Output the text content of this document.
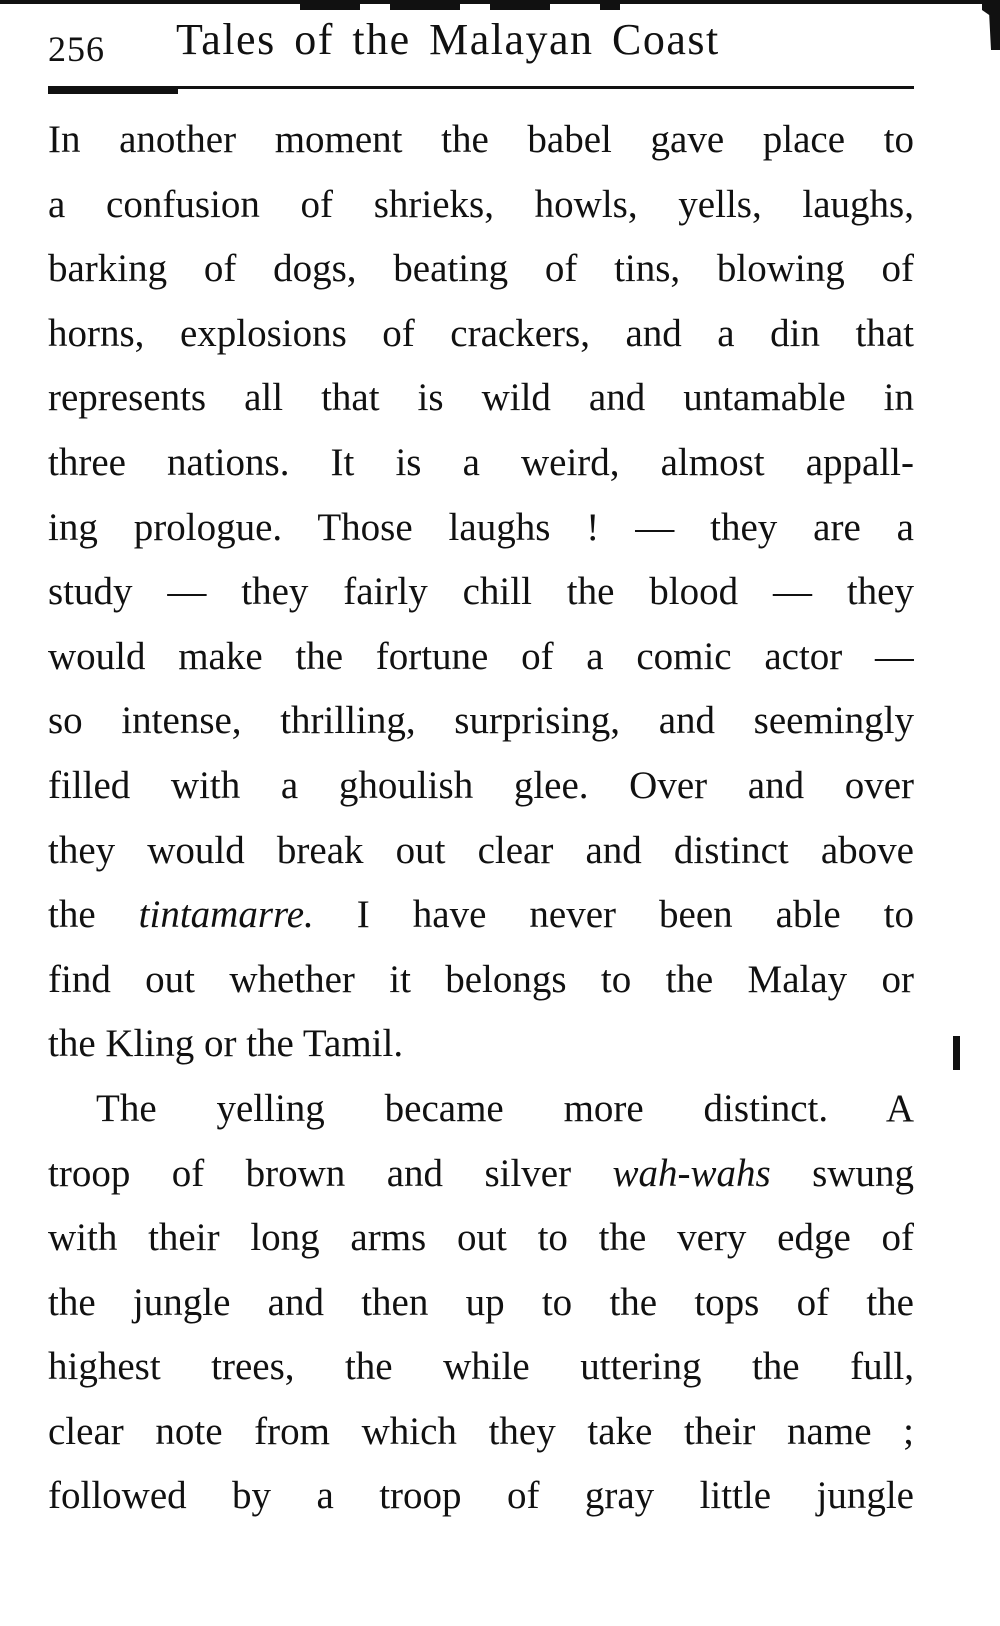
256 Tales of the Malayan Coast
In another moment the babel gave place to
a confusion of shrieks, howls, yells, laughs,
barking of dogs, beating of tins, blowing of
horns, explosions of crackers, and a din that
represents all that is wild and untamable in
three nations. It is a weird, almost appall-
ing prologue. Those laughs ! — they are a
study — they fairly chill the blood — they
would make the fortune of a comic actor —
so intense, thrilling, surprising, and seemingly
filled with a ghoulish glee. Over and over
they would break out clear and distinct above
the tintamarre. I have never been able to
find out whether it belongs to the Malay or
the Kling or the Tamil.
The yelling became more distinct. A
troop of brown and silver wah-wahs swung
with their long arms out to the very edge of
the jungle and then up to the tops of the
highest trees, the while uttering the full,
clear note from which they take their name ;
followed by a troop of gray little jungle
